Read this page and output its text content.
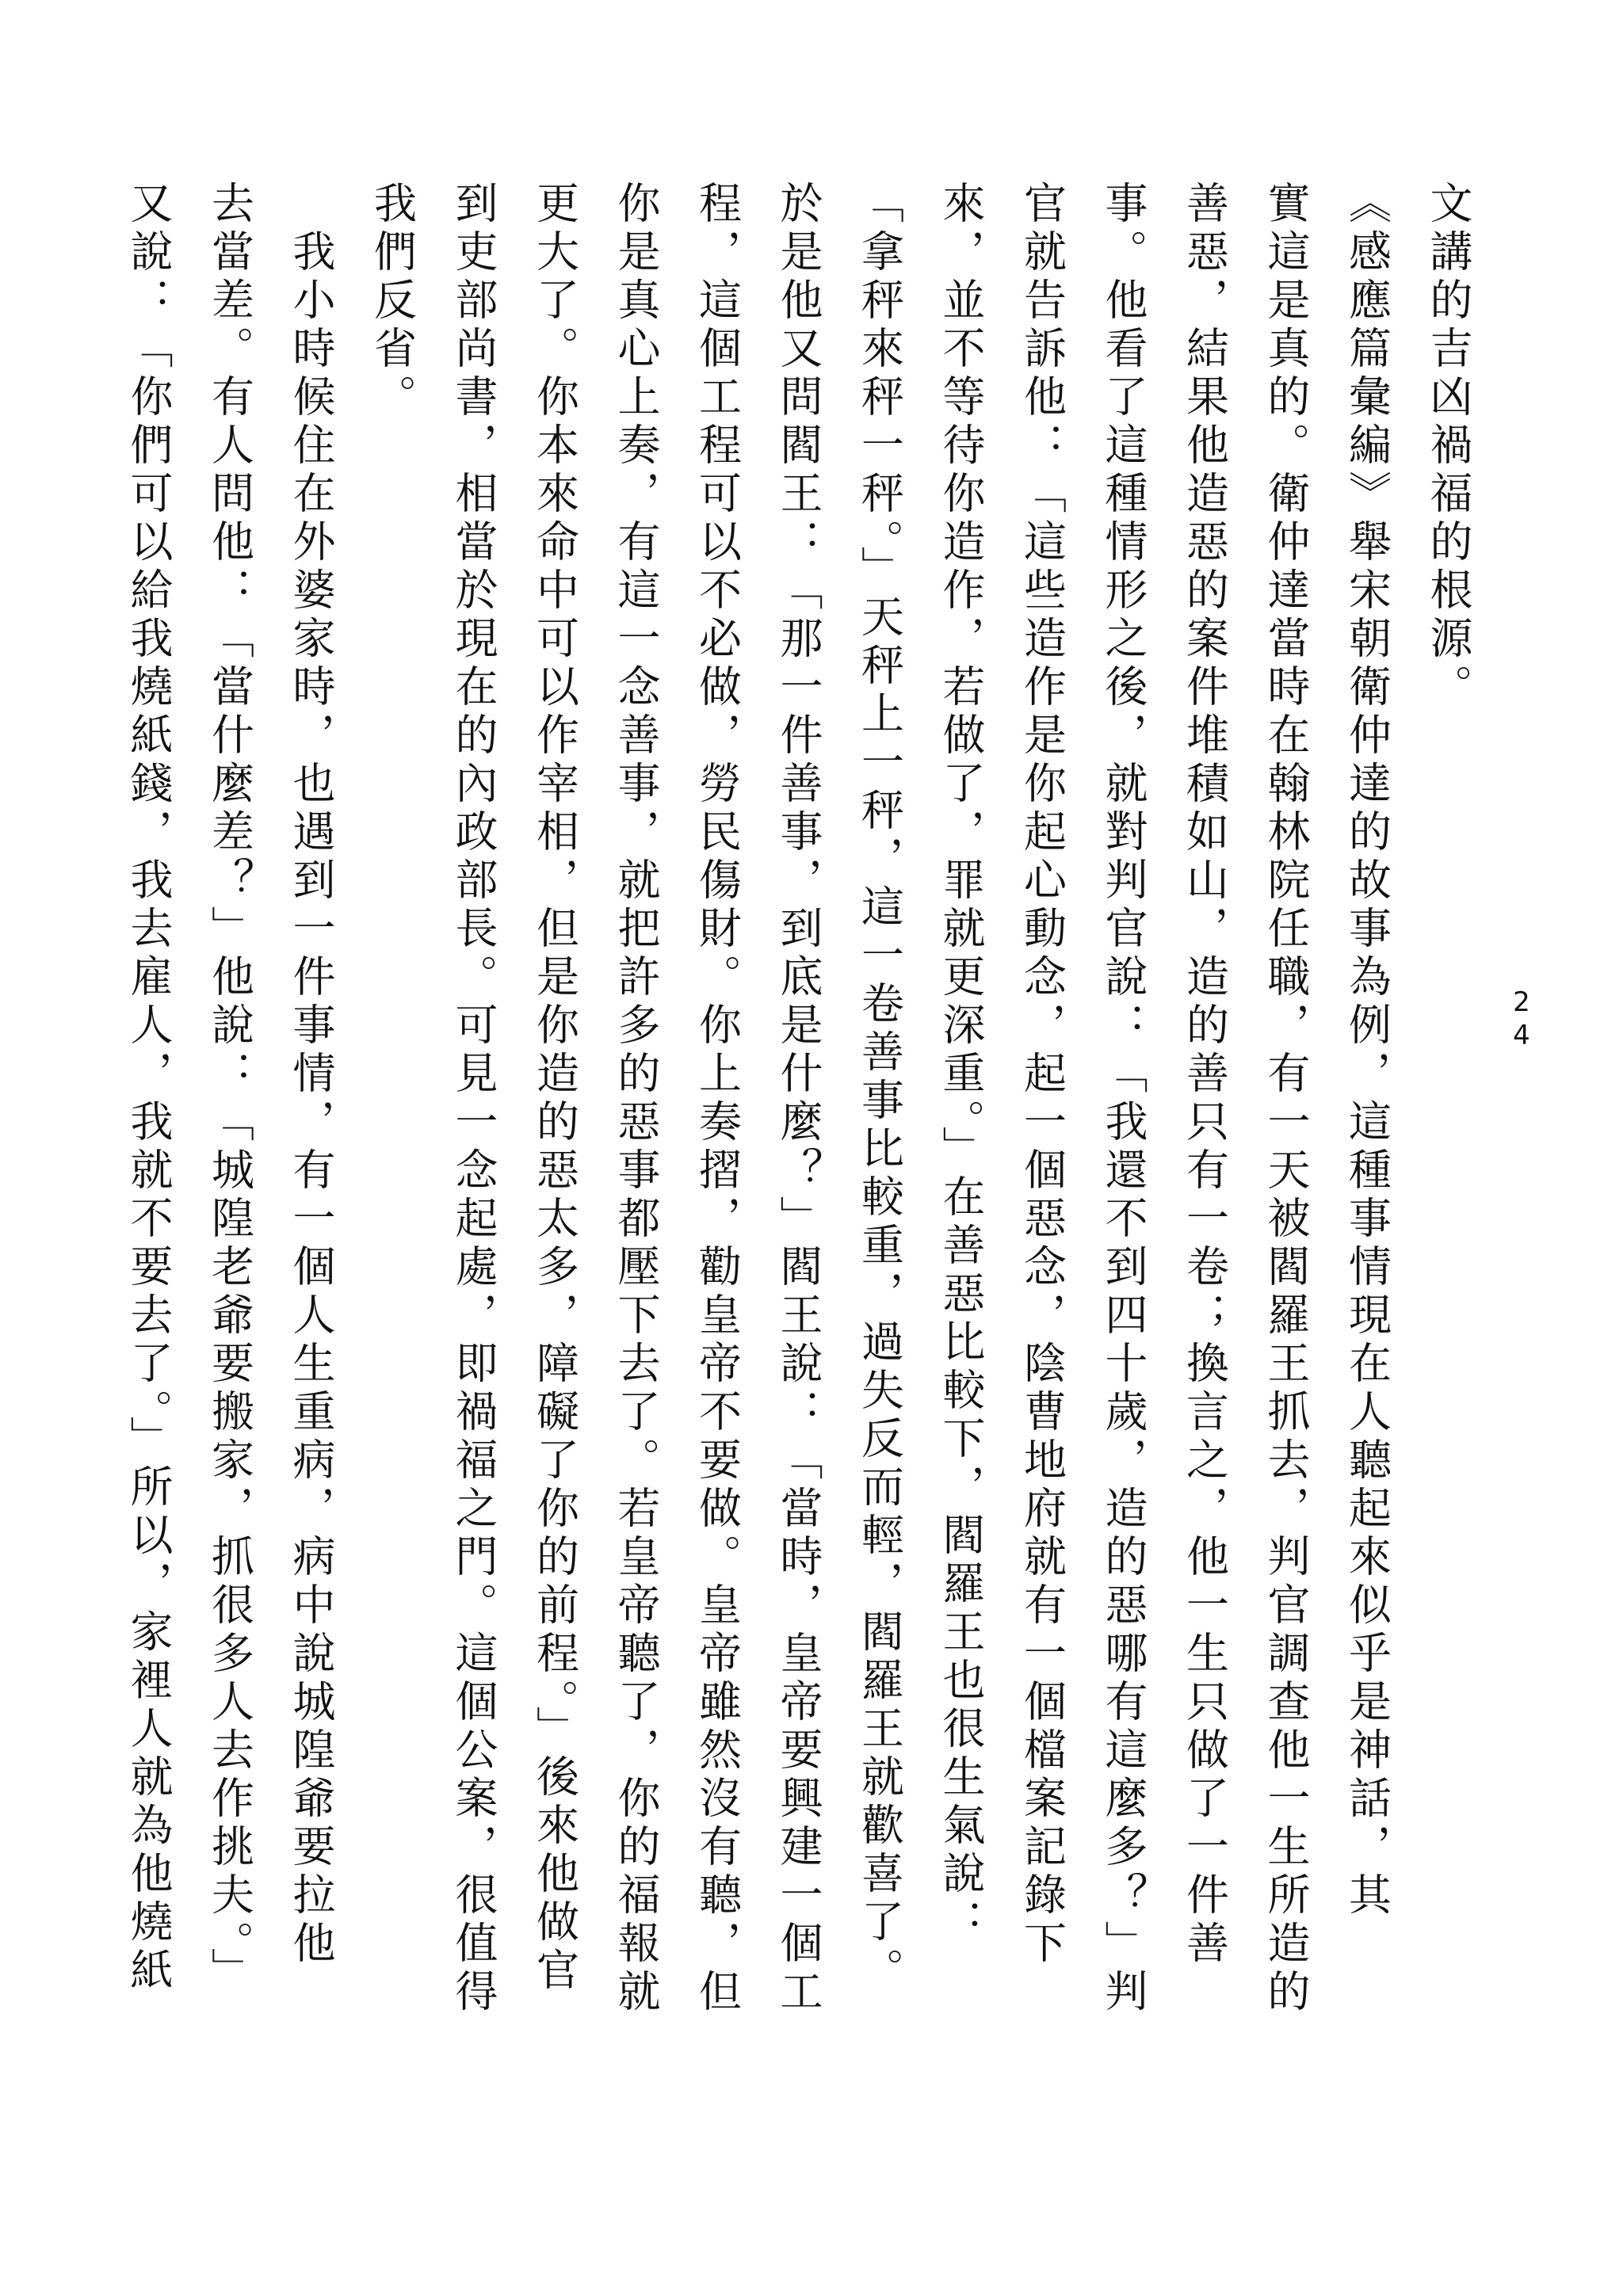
24
文講的吉凶禍福的根源。
《感應篇彙編》舉宋朝衛仲達的故事為例，這種事情現在人聽起來似乎是神話，其
實這是真的。衛仲達當時在翰林院任職，有一天被閻羅王抓去，判官調查他一生所造的
善惡，結果他造惡的案件堆積如山，造的善只有一卷；換言之，他一生只做了一件善
事。他看了這種情形之後，就對判官說：「我還不到四十歲，造的惡哪有這麼多？」判
官就告訴他：「這些造作是你起心動念，起一個惡念，陰曹地府就有一個檔案記錄下
來，並不等待你造作，若做了，罪就更深重。」在善惡比較下，閻羅王也很生氣說：
「拿秤來秤一秤。」天秤上一秤，這一卷善事比較重，過失反而輕，閻羅王就歡喜了。
於是他又問閻王：「那一件善事，到底是什麼？」閻王說：「當時，皇帝要興建一個工
程，這個工程可以不必做，勞民傷財。你上奏摺，勸皇帝不要做。皇帝雖然沒有聽，但
你是真心上奏，有這一念善事，就把許多的惡事都壓下去了。若皇帝聽了，你的福報就
更大了。你本來命中可以作宰相，但是你造的惡太多，障礙了你的前程。」後來他做官
到吏部尚書，相當於現在的內政部長。可見一念起處，即禍福之門。這個公案，很值得
我們反省。
　我小時候住在外婆家時，也遇到一件事情，有一個人生重病，病中說城隍爺要拉他
去當差。有人問他：「當什麼差？」他說：「城隍老爺要搬家，抓很多人去作挑夫。」
又說：「你們可以給我燒紙錢，我去雇人，我就不要去了。」所以，家裡人就為他燒紙
